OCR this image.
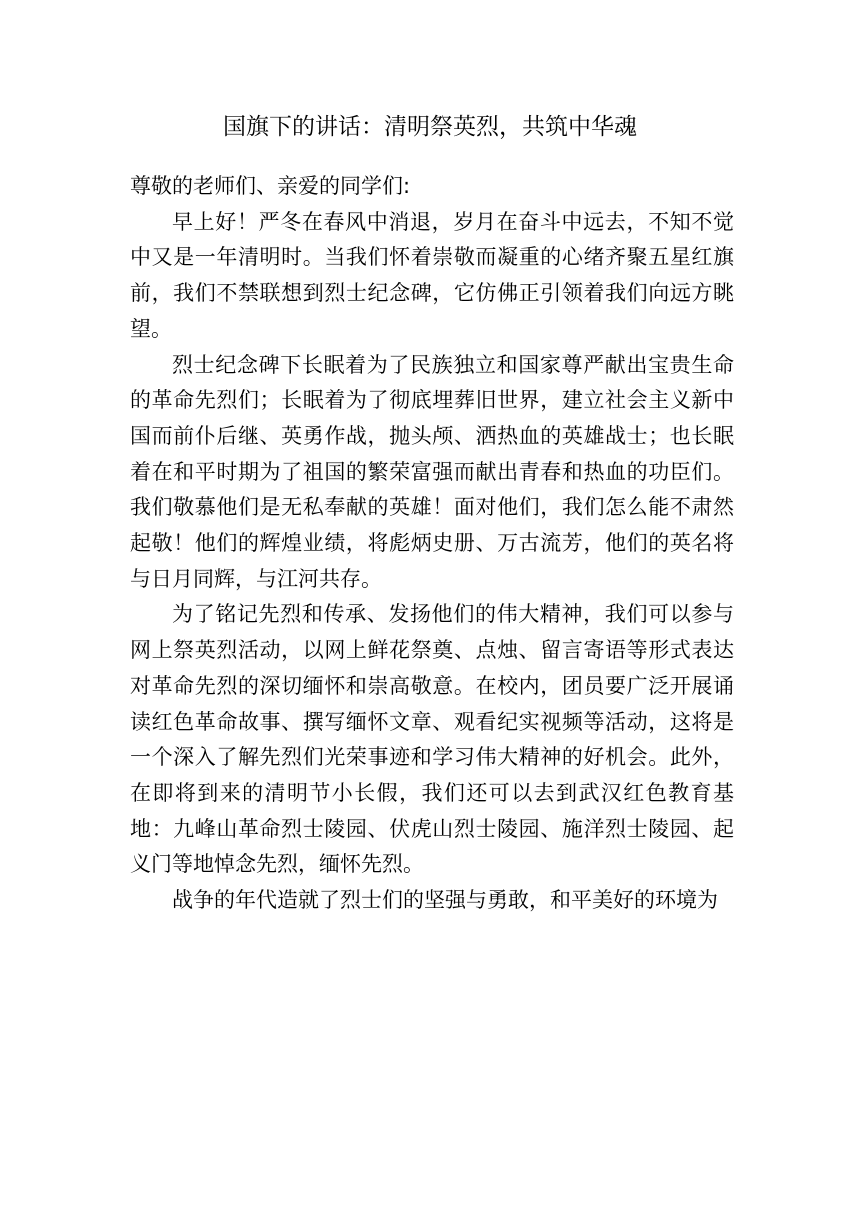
国旗下的讲话：清明祭英烈，共筑中华魂

尊敬的老师们、亲爱的同学们:

早上好！严冬在春风中消退，岁月在奋斗中远去，不知不觉中又是一年清明时。当我们怀着崇敬而凝重的心绪齐聚五星红旗前，我们不禁联想到烈士纪念碑，它仿佛正引领着我们向远方眺望。

烈士纪念碑下长眠着为了民族独立和国家尊严献出宝贵生命的革命先烈们；长眠着为了彻底埋葬旧世界，建立社会主义新中国而前仆后继、英勇作战，抛头颅、洒热血的英雄战士；也长眠着在和平时期为了祖国的繁荣富强而献出青春和热血的功臣们。我们敬慕他们是无私奉献的英雄！面对他们，我们怎么能不肃然起敬！他们的辉煌业绩，将彪炳史册、万古流芳，他们的英名将与日月同辉，与江河共存。

为了铭记先烈和传承、发扬他们的伟大精神，我们可以参与网上祭英烈活动，以网上鲜花祭奠、点烛、留言寄语等形式表达对革命先烈的深切缅怀和崇高敬意。在校内，团员要广泛开展诵读红色革命故事、撰写缅怀文章、观看纪实视频等活动，这将是一个深入了解先烈们光荣事迹和学习伟大精神的好机会。此外，在即将到来的清明节小长假，我们还可以去到武汉红色教育基地：九峰山革命烈士陵园、伏虎山烈士陵园、施洋烈士陵园、起义门等地悼念先烈，缅怀先烈。

战争的年代造就了烈士们的坚强与勇敢，和平美好的环境为
